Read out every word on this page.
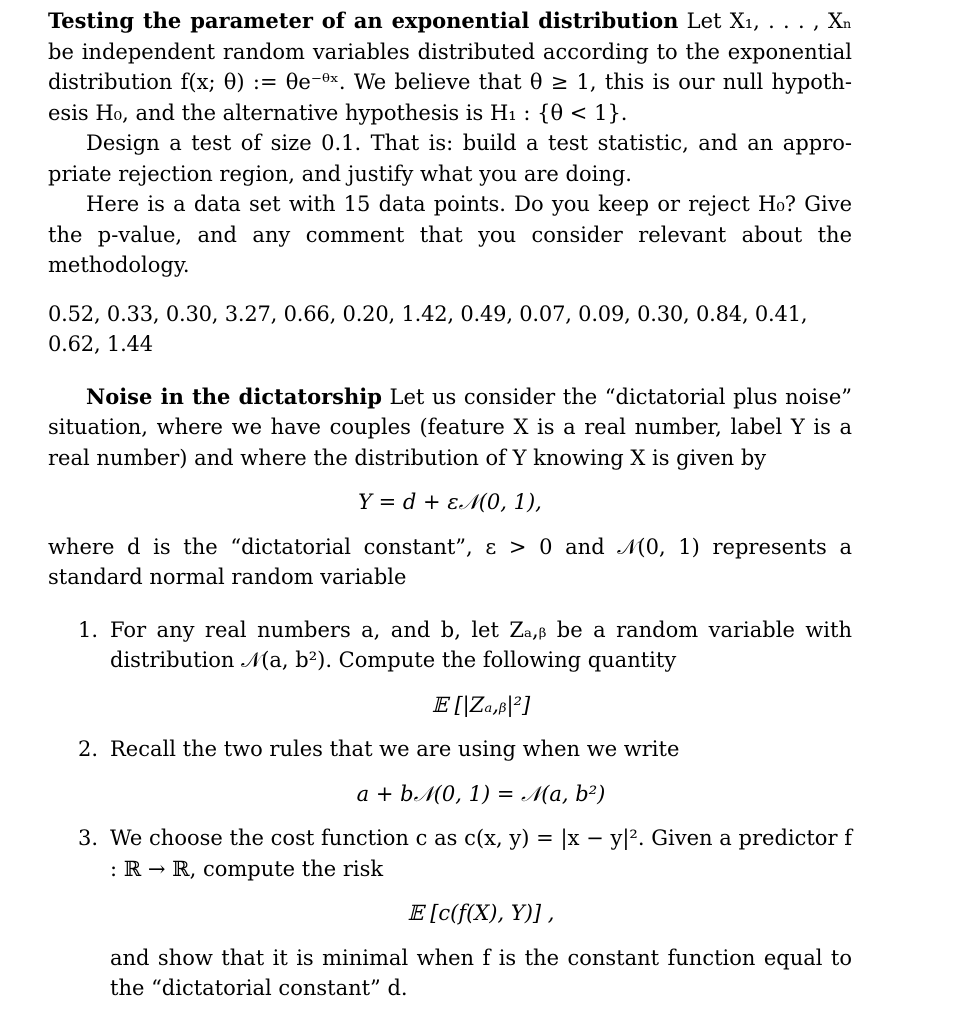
Testing the parameter of an exponential distribution Let X₁, . . . , Xₙ be independent random variables distributed according to the exponential distribution f(x; θ) := θe⁻ᶿˣ. We believe that θ ≥ 1, this is our null hypoth- esis H₀, and the alternative hypothesis is H₁ : {θ < 1}.

Design a test of size 0.1. That is: build a test statistic, and an appro- priate rejection region, and justify what you are doing.

Here is a data set with 15 data points. Do you keep or reject H₀? Give the p-value, and any comment that you consider relevant about the methodology.

0.52, 0.33, 0.30, 3.27, 0.66, 0.20, 1.42, 0.49, 0.07, 0.09, 0.30, 0.84, 0.41, 0.62, 1.44

Noise in the dictatorship Let us consider the “dictatorial plus noise” situation, where we have couples (feature X is a real number, label Y is a real number) and where the distribution of Y knowing X is given by

Y = d + ε𝒩(0, 1),

where d is the “dictatorial constant”, ε > 0 and 𝒩(0, 1) represents a standard normal random variable

1. For any real numbers a, and b, let Zₐ,ᵦ be a random variable with distribution 𝒩(a, b²). Compute the following quantity

𝔼 [|Zₐ,ᵦ|²]

2. Recall the two rules that we are using when we write

a + b𝒩(0, 1) = 𝒩(a, b²)

3. We choose the cost function c as c(x, y) = |x − y|². Given a predictor f : ℝ → ℝ, compute the risk

𝔼 [c(f(X), Y)] ,

and show that it is minimal when f is the constant function equal to the “dictatorial constant” d.
